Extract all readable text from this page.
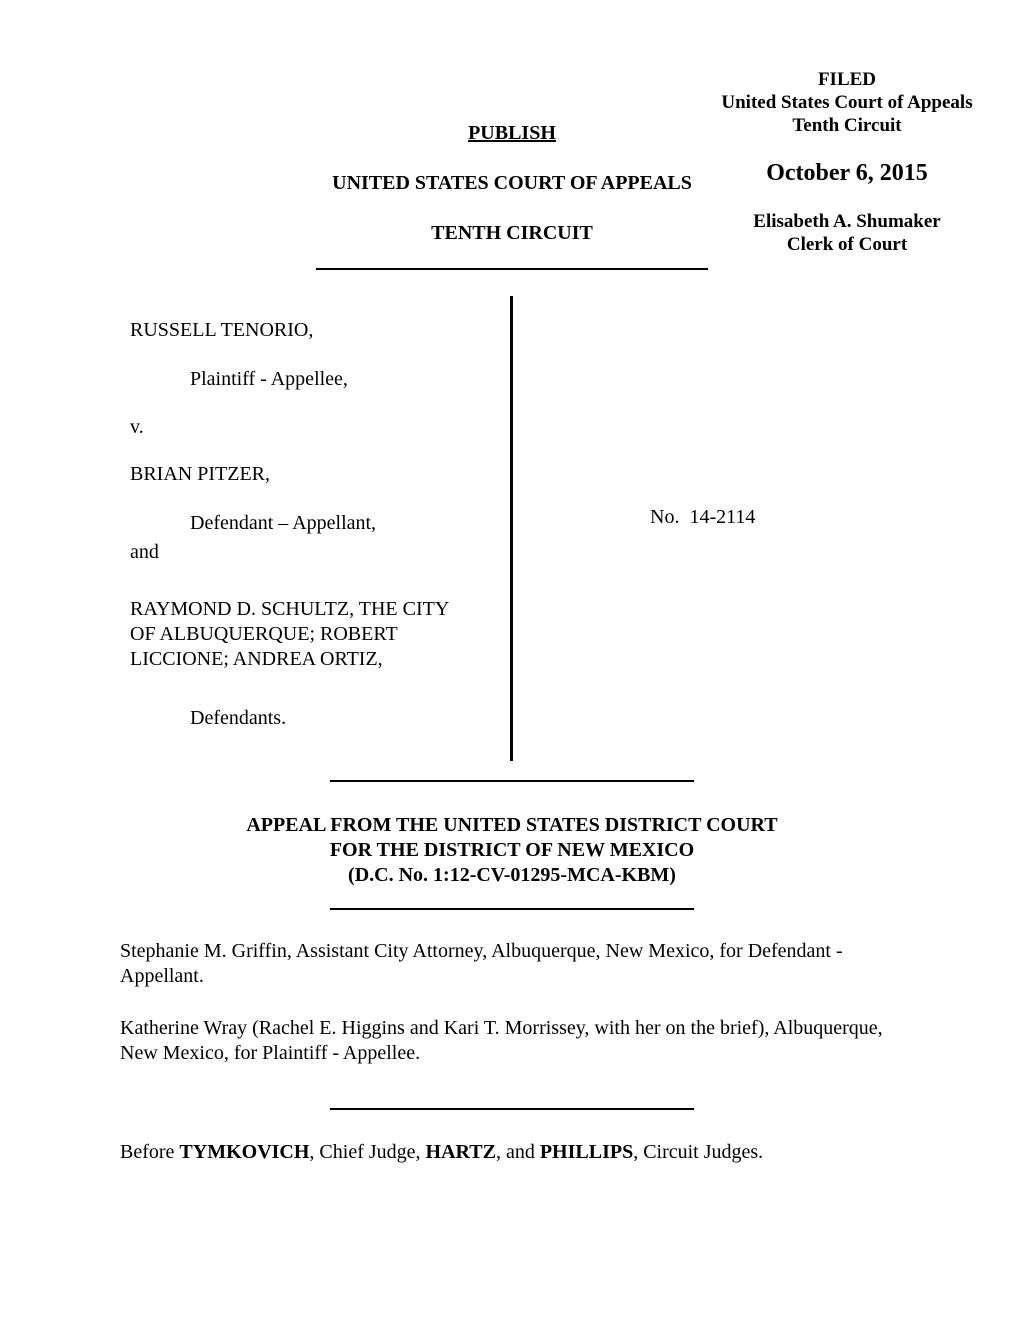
FILED
United States Court of Appeals
Tenth Circuit
October 6, 2015
Elisabeth A. Shumaker
Clerk of Court
PUBLISH
UNITED STATES COURT OF APPEALS
TENTH CIRCUIT
RUSSELL TENORIO,
Plaintiff - Appellee,
v.
BRIAN PITZER,
Defendant – Appellant,
and
RAYMOND D. SCHULTZ, THE CITY
OF ALBUQUERQUE; ROBERT
LICCIONE; ANDREA ORTIZ,
Defendants.
No.  14-2114
APPEAL FROM THE UNITED STATES DISTRICT COURT
FOR THE DISTRICT OF NEW MEXICO
(D.C. No. 1:12-CV-01295-MCA-KBM)
Stephanie M. Griffin, Assistant City Attorney, Albuquerque, New Mexico, for Defendant - Appellant.
Katherine Wray (Rachel E. Higgins and Kari T. Morrissey, with her on the brief), Albuquerque, New Mexico, for Plaintiff - Appellee.
Before TYMKOVICH, Chief Judge, HARTZ, and PHILLIPS, Circuit Judges.
